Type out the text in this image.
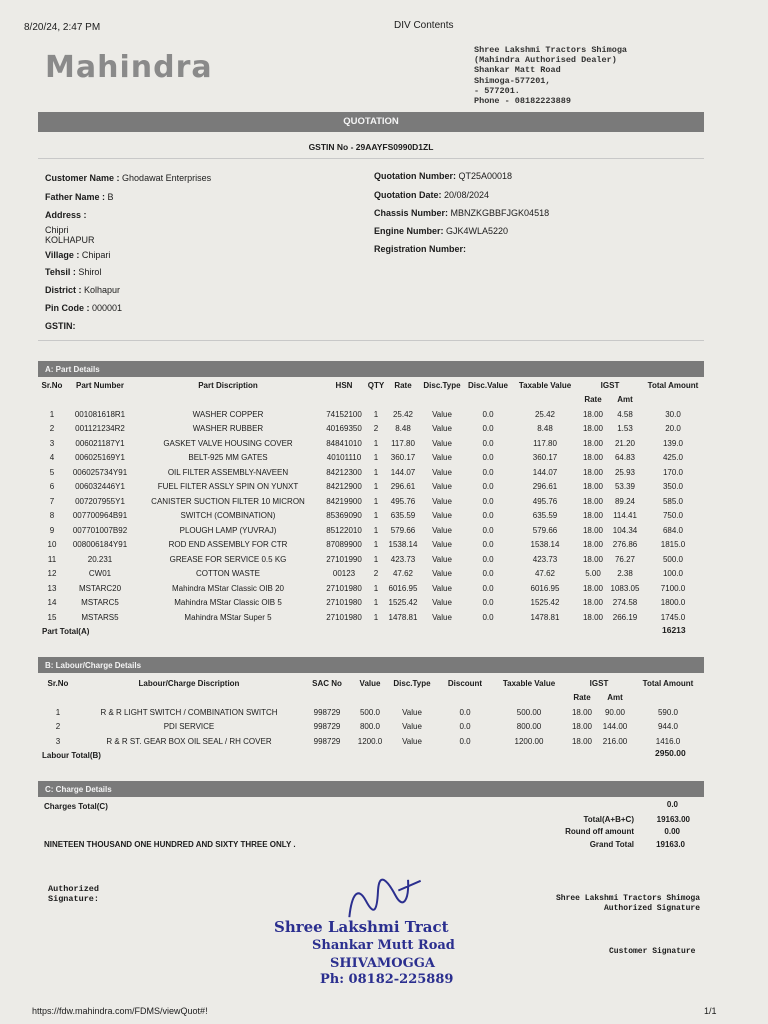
8/20/24, 2:47 PM	DIV Contents
Mahindra	Shree Lakshmi Tractors Shimoga
(Mahindra Authorised Dealer)
Shankar Matt Road
Shimoga-577201,
- 577201.
Phone - 08182223889
QUOTATION
GSTIN No - 29AAYFS0990D1ZL
Customer Name : Ghodawat Enterprises
Father Name : B
Address :
Chipri
KOLHAPUR
Village : Chipari
Tehsil : Shirol
District : Kolhapur
Pin Code : 000001
GSTIN:
Quotation Number: QT25A00018
Quotation Date: 20/08/2024
Chassis Number: MBNZKGBBFJGK04518
Engine Number: GJK4WLA5220
Registration Number:
A: Part Details
Sr.No	Part Number	Part Discription	HSN	QTY	Rate	Disc.Type	Disc.Value	Taxable Value	IGST		Total Amount
									Rate	Amt	
1	001081618R1	WASHER COPPER	74152100	1	25.42	Value	0.0	25.42	18.00	4.58	30.0
2	001121234R2	WASHER RUBBER	40169350	2	8.48	Value	0.0	8.48	18.00	1.53	20.0
3	006021187Y1	GASKET VALVE HOUSING COVER	84841010	1	117.80	Value	0.0	117.80	18.00	21.20	139.0
4	006025169Y1	BELT-925 MM GATES	40101110	1	360.17	Value	0.0	360.17	18.00	64.83	425.0
5	006025734Y91	OIL FILTER ASSEMBLY-NAVEEN	84212300	1	144.07	Value	0.0	144.07	18.00	25.93	170.0
6	006032446Y1	FUEL FILTER ASSLY SPIN ON YUNXT	84212900	1	296.61	Value	0.0	296.61	18.00	53.39	350.0
7	007207955Y1	CANISTER SUCTION FILTER 10 MICRON	84219900	1	495.76	Value	0.0	495.76	18.00	89.24	585.0
8	007700964B91	SWITCH (COMBINATION)	85369090	1	635.59	Value	0.0	635.59	18.00	114.41	750.0
9	007701007B92	PLOUGH LAMP (YUVRAJ)	85122010	1	579.66	Value	0.0	579.66	18.00	104.34	684.0
10	008006184Y91	ROD END ASSEMBLY FOR CTR	87089900	1	1538.14	Value	0.0	1538.14	18.00	276.86	1815.0
11	20.231	GREASE FOR SERVICE 0.5 KG	27101990	1	423.73	Value	0.0	423.73	18.00	76.27	500.0
12	CW01	COTTON WASTE	00123	2	47.62	Value	0.0	47.62	5.00	2.38	100.0
13	MSTARC20	Mahindra MStar Classic OIB 20	27101980	1	6016.95	Value	0.0	6016.95	18.00	1083.05	7100.0
14	MSTARC5	Mahindra MStar Classic OIB 5	27101980	1	1525.42	Value	0.0	1525.42	18.00	274.58	1800.0
15	MSTARS5	Mahindra MStar Super 5	27101980	1	1478.81	Value	0.0	1478.81	18.00	266.19	1745.0
Part Total(A)	16213
B: Labour/Charge Details
Sr.No	Labour/Charge Discription	SAC No	Value	Disc.Type	Discount	Taxable Value	IGST		Total Amount
							Rate	Amt	
1	R & R LIGHT SWITCH / COMBINATION SWITCH	998729	500.0	Value	0.0	500.00	18.00	90.00	590.0
2	PDI SERVICE	998729	800.0	Value	0.0	800.00	18.00	144.00	944.0
3	R & R ST. GEAR BOX OIL SEAL / RH COVER	998729	1200.0	Value	0.0	1200.00	18.00	216.00	1416.0
Labour Total(B)	2950.00
C: Charge Details
Charges Total(C)	0.0
Total(A+B+C)	19163.00
Round off amount	0.00
NINETEEN THOUSAND ONE HUNDRED AND SIXTY THREE ONLY .	Grand Total	19163.0
Authorized Signature:
Shree Lakshmi Tract
Shankar Mutt Road
SHIVAMOGGA
Ph: 08182-225889
Shree Lakshmi Tractors Shimoga
Authorized Signature
Customer Signature
https://fdw.mahindra.com/FDMS/viewQuot#!	1/1
